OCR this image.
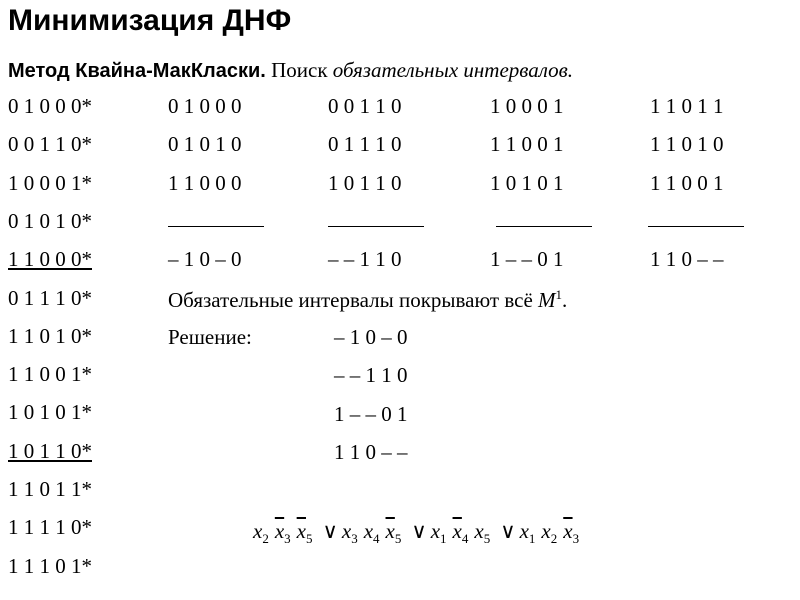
Минимизация ДНФ
Метод Квайна-МакКласки. Поиск обязательных интервалов.
0 1 0 0 0*
0 0 1 1 0*
1 0 0 0 1*
0 1 0 1 0*
1 1 0 0 0*
0 1 1 1 0*
1 1 0 1 0*
1 1 0 0 1*
1 0 1 0 1*
1 0 1 1 0*
1 1 0 1 1*
1 1 1 1 0*
1 1 1 0 1*
0 1 0 0 0
0 1 0 1 0
1 1 0 0 0
– 1 0 – 0
0 0 1 1 0
0 1 1 1 0
1 0 1 1 0
– – 1 1 0
1 0 0 0 1
1 1 0 0 1
1 0 1 0 1
1 – – 0 1
1 1 0 1 1
1 1 0 1 0
1 1 0 0 1
1 1 0 – –
Обязательные интервалы покрывают всё $M^1$.
Решение:	– 1 0 – 0
– – 1 1 0
1 – – 0 1
1 1 0 – –
$x_2$ $\overline{x}_3$ $\overline{x}_5$ ∨ $x_3$ $x_4$ $\overline{x}_5$ ∨ $x_1$ $\overline{x}_4$ $x_5$ ∨ $x_1$ $x_2$ $\overline{x}_3$
